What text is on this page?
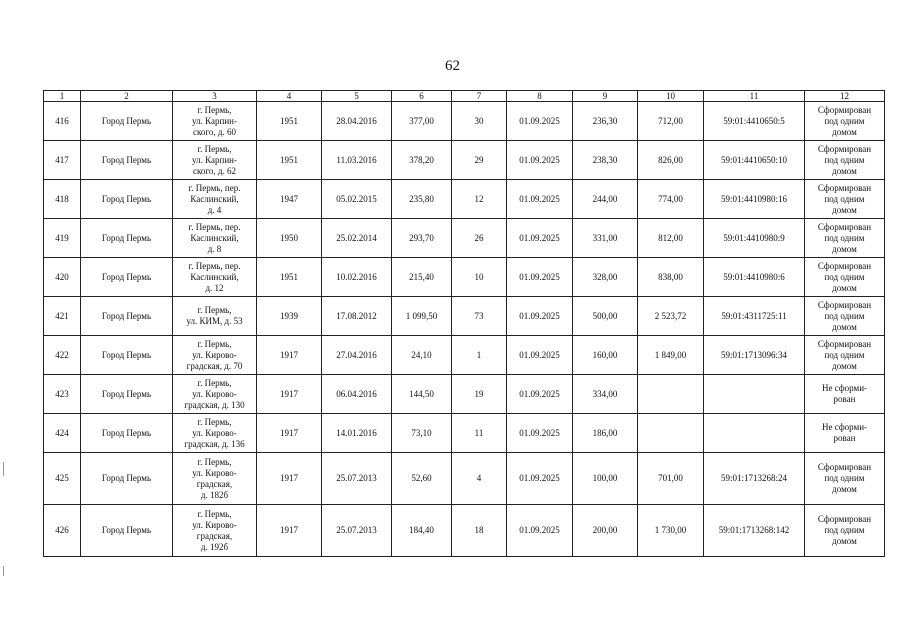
62
1	2	3	4	5	6	7	8	9	10	11	12
416	Город Пермь	г. Пермь,
ул. Карпин-
ского, д. 60	1951	28.04.2016	377,00	30	01.09.2025	236,30	712,00	59:01:4410650:5	Сформирован
под одним
домом
417	Город Пермь	г. Пермь,
ул. Карпин-
ского, д. 62	1951	11.03.2016	378,20	29	01.09.2025	238,30	826,00	59:01:4410650:10	Сформирован
под одним
домом
418	Город Пермь	г. Пермь, пер.
Каслинский,
д. 4	1947	05.02.2015	235,80	12	01.09.2025	244,00	774,00	59:01:4410980:16	Сформирован
под одним
домом
419	Город Пермь	г. Пермь, пер.
Каслинский,
д. 8	1950	25.02.2014	293,70	26	01.09.2025	331,00	812,00	59:01:4410980:9	Сформирован
под одним
домом
420	Город Пермь	г. Пермь, пер.
Каслинский,
д. 12	1951	10.02.2016	215,40	10	01.09.2025	328,00	838,00	59:01:4410980:6	Сформирован
под одним
домом
421	Город Пермь	г. Пермь,
ул. КИМ, д. 53	1939	17.08.2012	1 099,50	73	01.09.2025	500,00	2 523,72	59:01:4311725:11	Сформирован
под одним
домом
422	Город Пермь	г. Пермь,
ул. Кирово-
градская, д. 70	1917	27.04.2016	24,10	1	01.09.2025	160,00	1 849,00	59:01:1713096:34	Сформирован
под одним
домом
423	Город Пермь	г. Пермь,
ул. Кирово-
градская, д. 130	1917	06.04.2016	144,50	19	01.09.2025	334,00			Не сформи-
рован
424	Город Пермь	г. Пермь,
ул. Кирово-
градская, д. 136	1917	14.01.2016	73,10	11	01.09.2025	186,00			Не сформи-
рован
425	Город Пермь	г. Пермь,
ул. Кирово-
градская,
д. 182б	1917	25.07.2013	52,60	4	01.09.2025	100,00	701,00	59:01:1713268:24	Сформирован
под одним
домом
426	Город Пермь	г. Пермь,
ул. Кирово-
градская,
д. 192б	1917	25.07.2013	184,40	18	01.09.2025	200,00	1 730,00	59:01:1713268:142	Сформирован
под одним
домом
